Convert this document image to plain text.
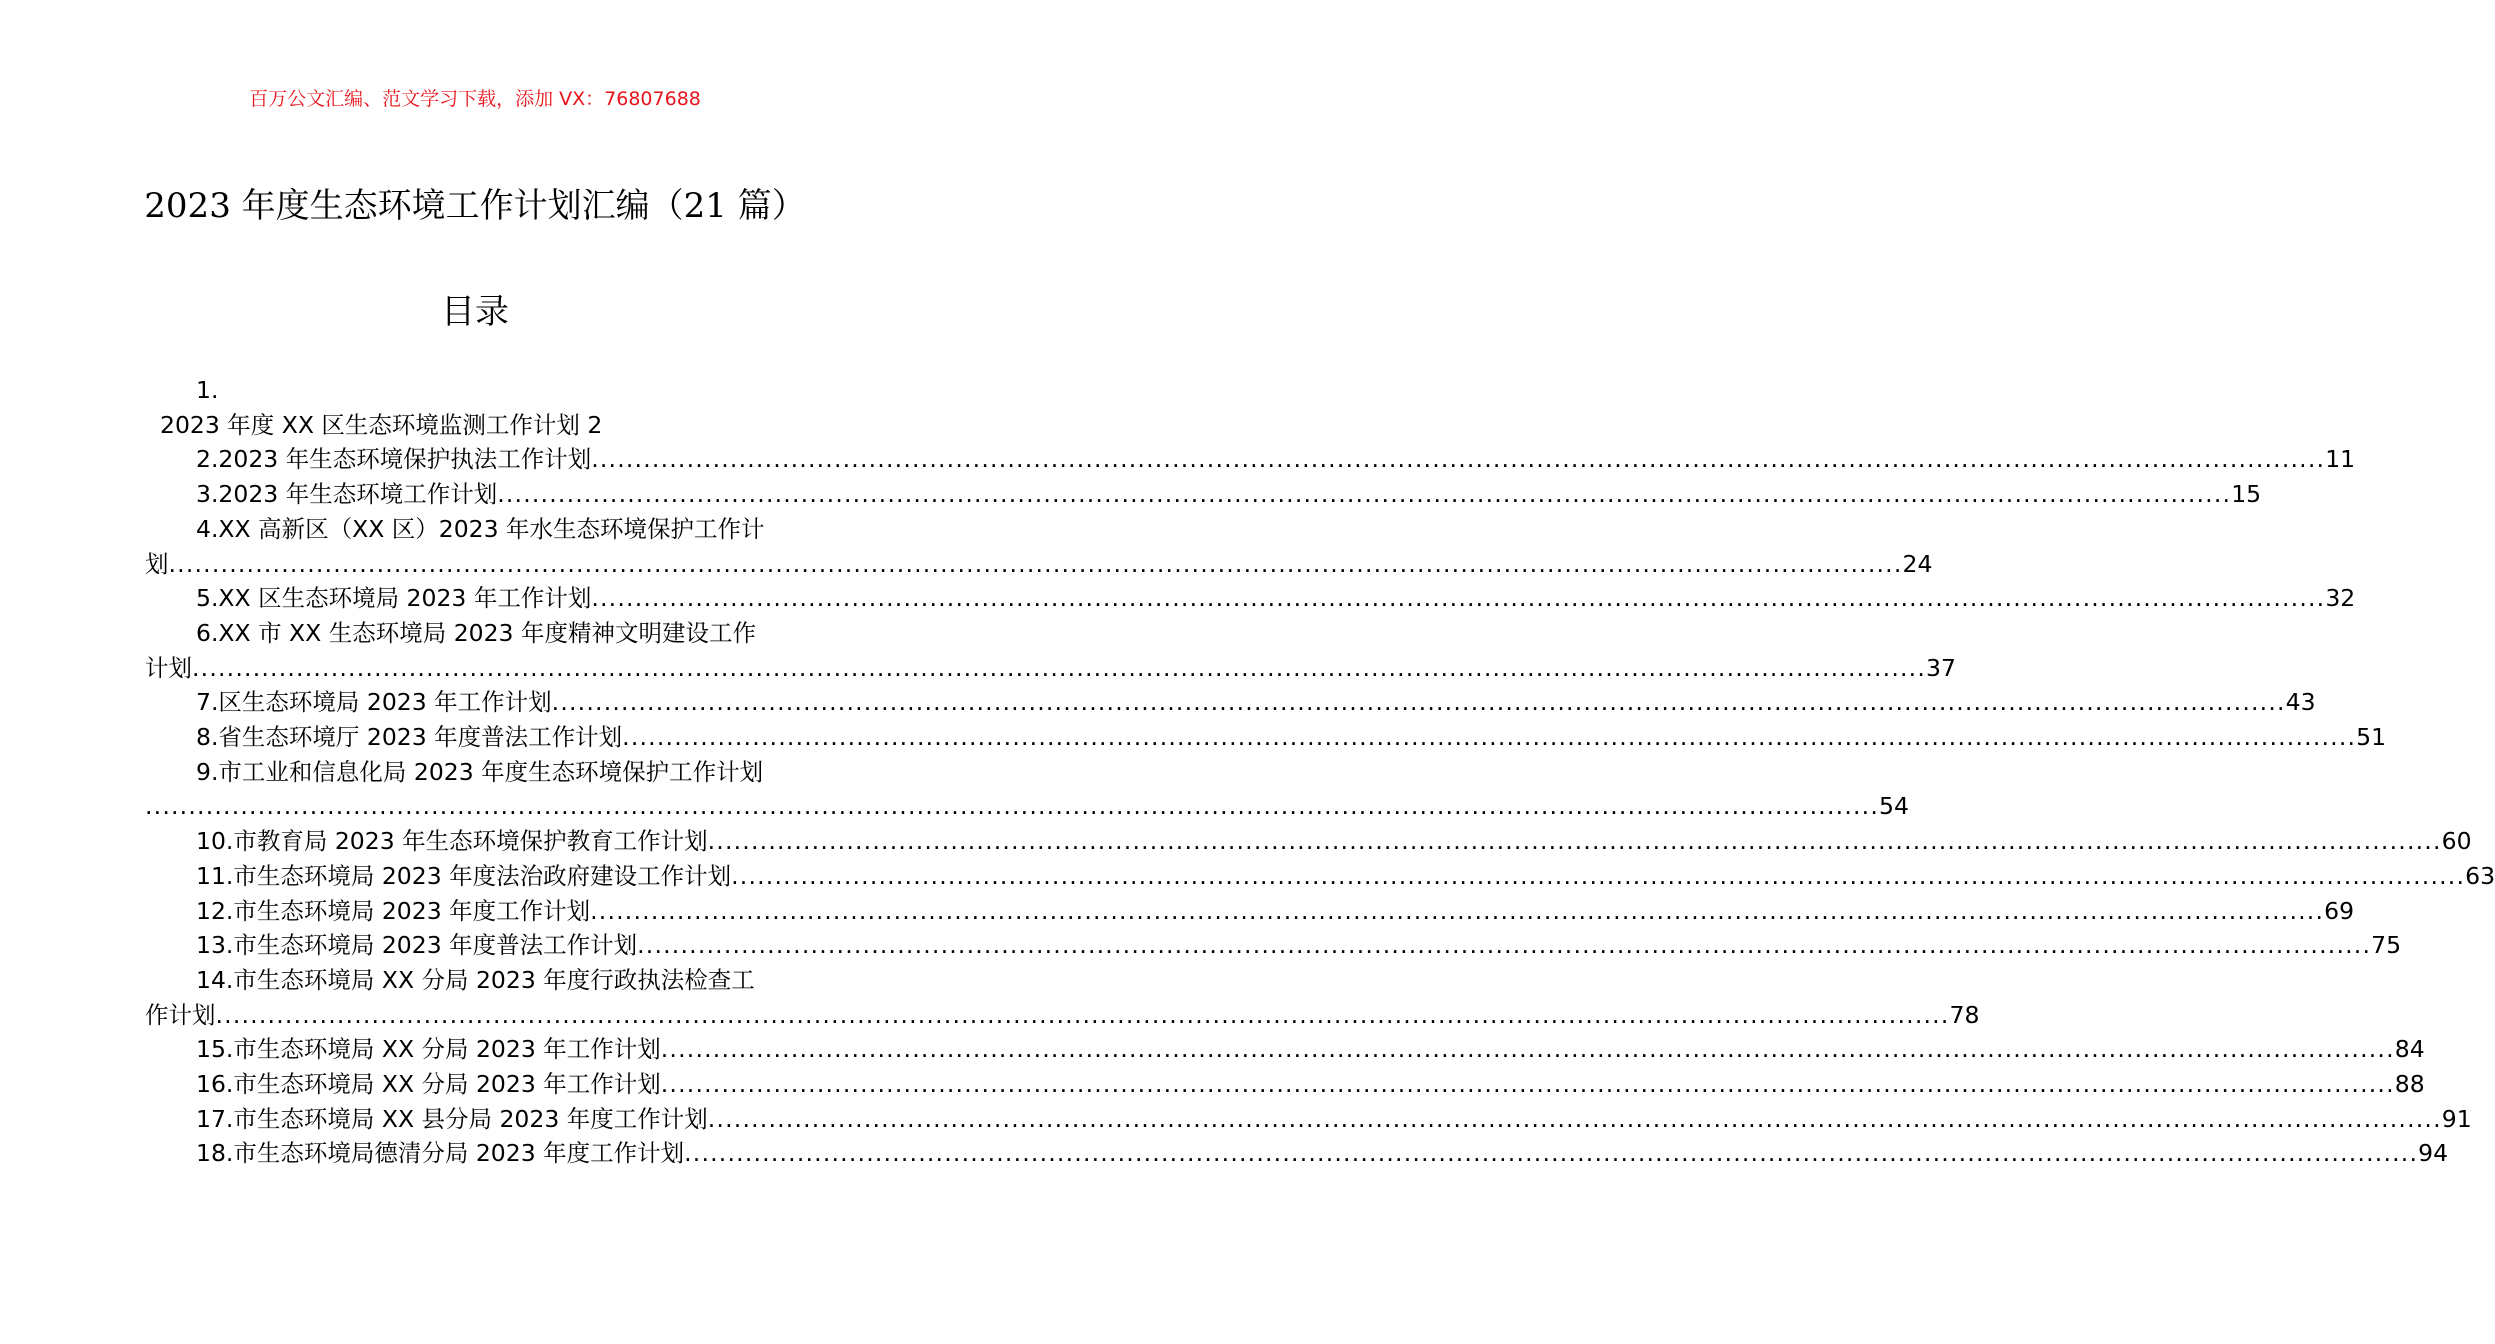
百万公文汇编、范文学习下载，添加 VX：76807688
2023 年度生态环境工作计划汇编（21 篇）
目录
1.
2023 年度 XX 区生态环境监测工作计划 2
2.2023 年生态环境保护执法工作计划 ........................................................................................................................................................................................................ 11
3.2023 年生态环境工作计划 ........................................................................................................................................................................................................ 15
4.XX 高新区（XX 区）2023 年水生态环境保护工作计
划 ........................................................................................................................................................................................................ 24
5.XX 区生态环境局 2023 年工作计划 ........................................................................................................................................................................................................ 32
6.XX 市 XX 生态环境局 2023 年度精神文明建设工作
计划 ........................................................................................................................................................................................................ 37
7.区生态环境局 2023 年工作计划 ........................................................................................................................................................................................................ 43
8.省生态环境厅 2023 年度普法工作计划 ........................................................................................................................................................................................................ 51
9.市工业和信息化局 2023 年度生态环境保护工作计划
........................................................................................................................................................................................................ 54
10.市教育局 2023 年生态环境保护教育工作计划 ........................................................................................................................................................................................................ 60
11.市生态环境局 2023 年度法治政府建设工作计划 ........................................................................................................................................................................................................ 63
12.市生态环境局 2023 年度工作计划 ........................................................................................................................................................................................................ 69
13.市生态环境局 2023 年度普法工作计划 ........................................................................................................................................................................................................ 75
14.市生态环境局 XX 分局 2023 年度行政执法检查工
作计划 ........................................................................................................................................................................................................ 78
15.市生态环境局 XX 分局 2023 年工作计划 ........................................................................................................................................................................................................ 84
16.市生态环境局 XX 分局 2023 年工作计划 ........................................................................................................................................................................................................ 88
17.市生态环境局 XX 县分局 2023 年度工作计划 ........................................................................................................................................................................................................ 91
18.市生态环境局德清分局 2023 年度工作计划 ........................................................................................................................................................................................................ 94
